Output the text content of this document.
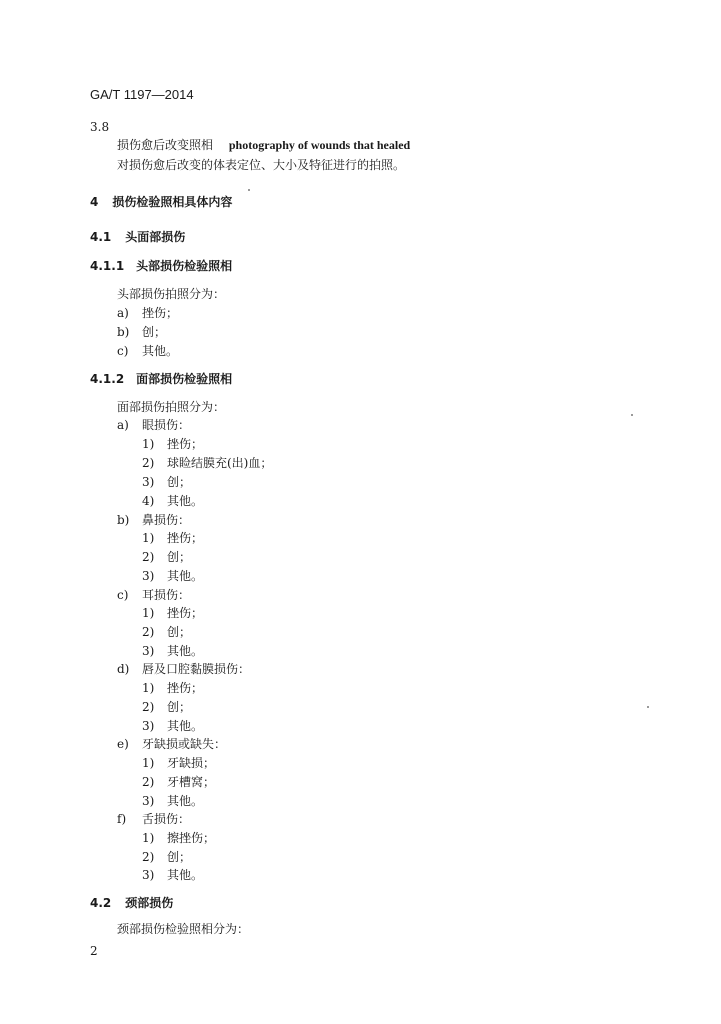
GA/T 1197—2014
3.8
损伤愈后改变照相 photography of wounds that healed
对损伤愈后改变的体表定位、大小及特征进行的拍照。
4 损伤检验照相具体内容
4.1 头面部损伤
4.1.1 头部损伤检验照相
头部损伤拍照分为：
a) 挫伤；
b) 创；
c) 其他。
4.1.2 面部损伤检验照相
面部损伤拍照分为：
a) 眼损伤：
1) 挫伤；
2) 球睑结膜充(出)血；
3) 创；
4) 其他。
b) 鼻损伤：
1) 挫伤；
2) 创；
3) 其他。
c) 耳损伤：
1) 挫伤；
2) 创；
3) 其他。
d) 唇及口腔黏膜损伤：
1) 挫伤；
2) 创；
3) 其他。
e) 牙缺损或缺失：
1) 牙缺损；
2) 牙槽窝；
3) 其他。
f) 舌损伤：
1) 擦挫伤；
2) 创；
3) 其他。
4.2 颈部损伤
颈部损伤检验照相分为：
2
